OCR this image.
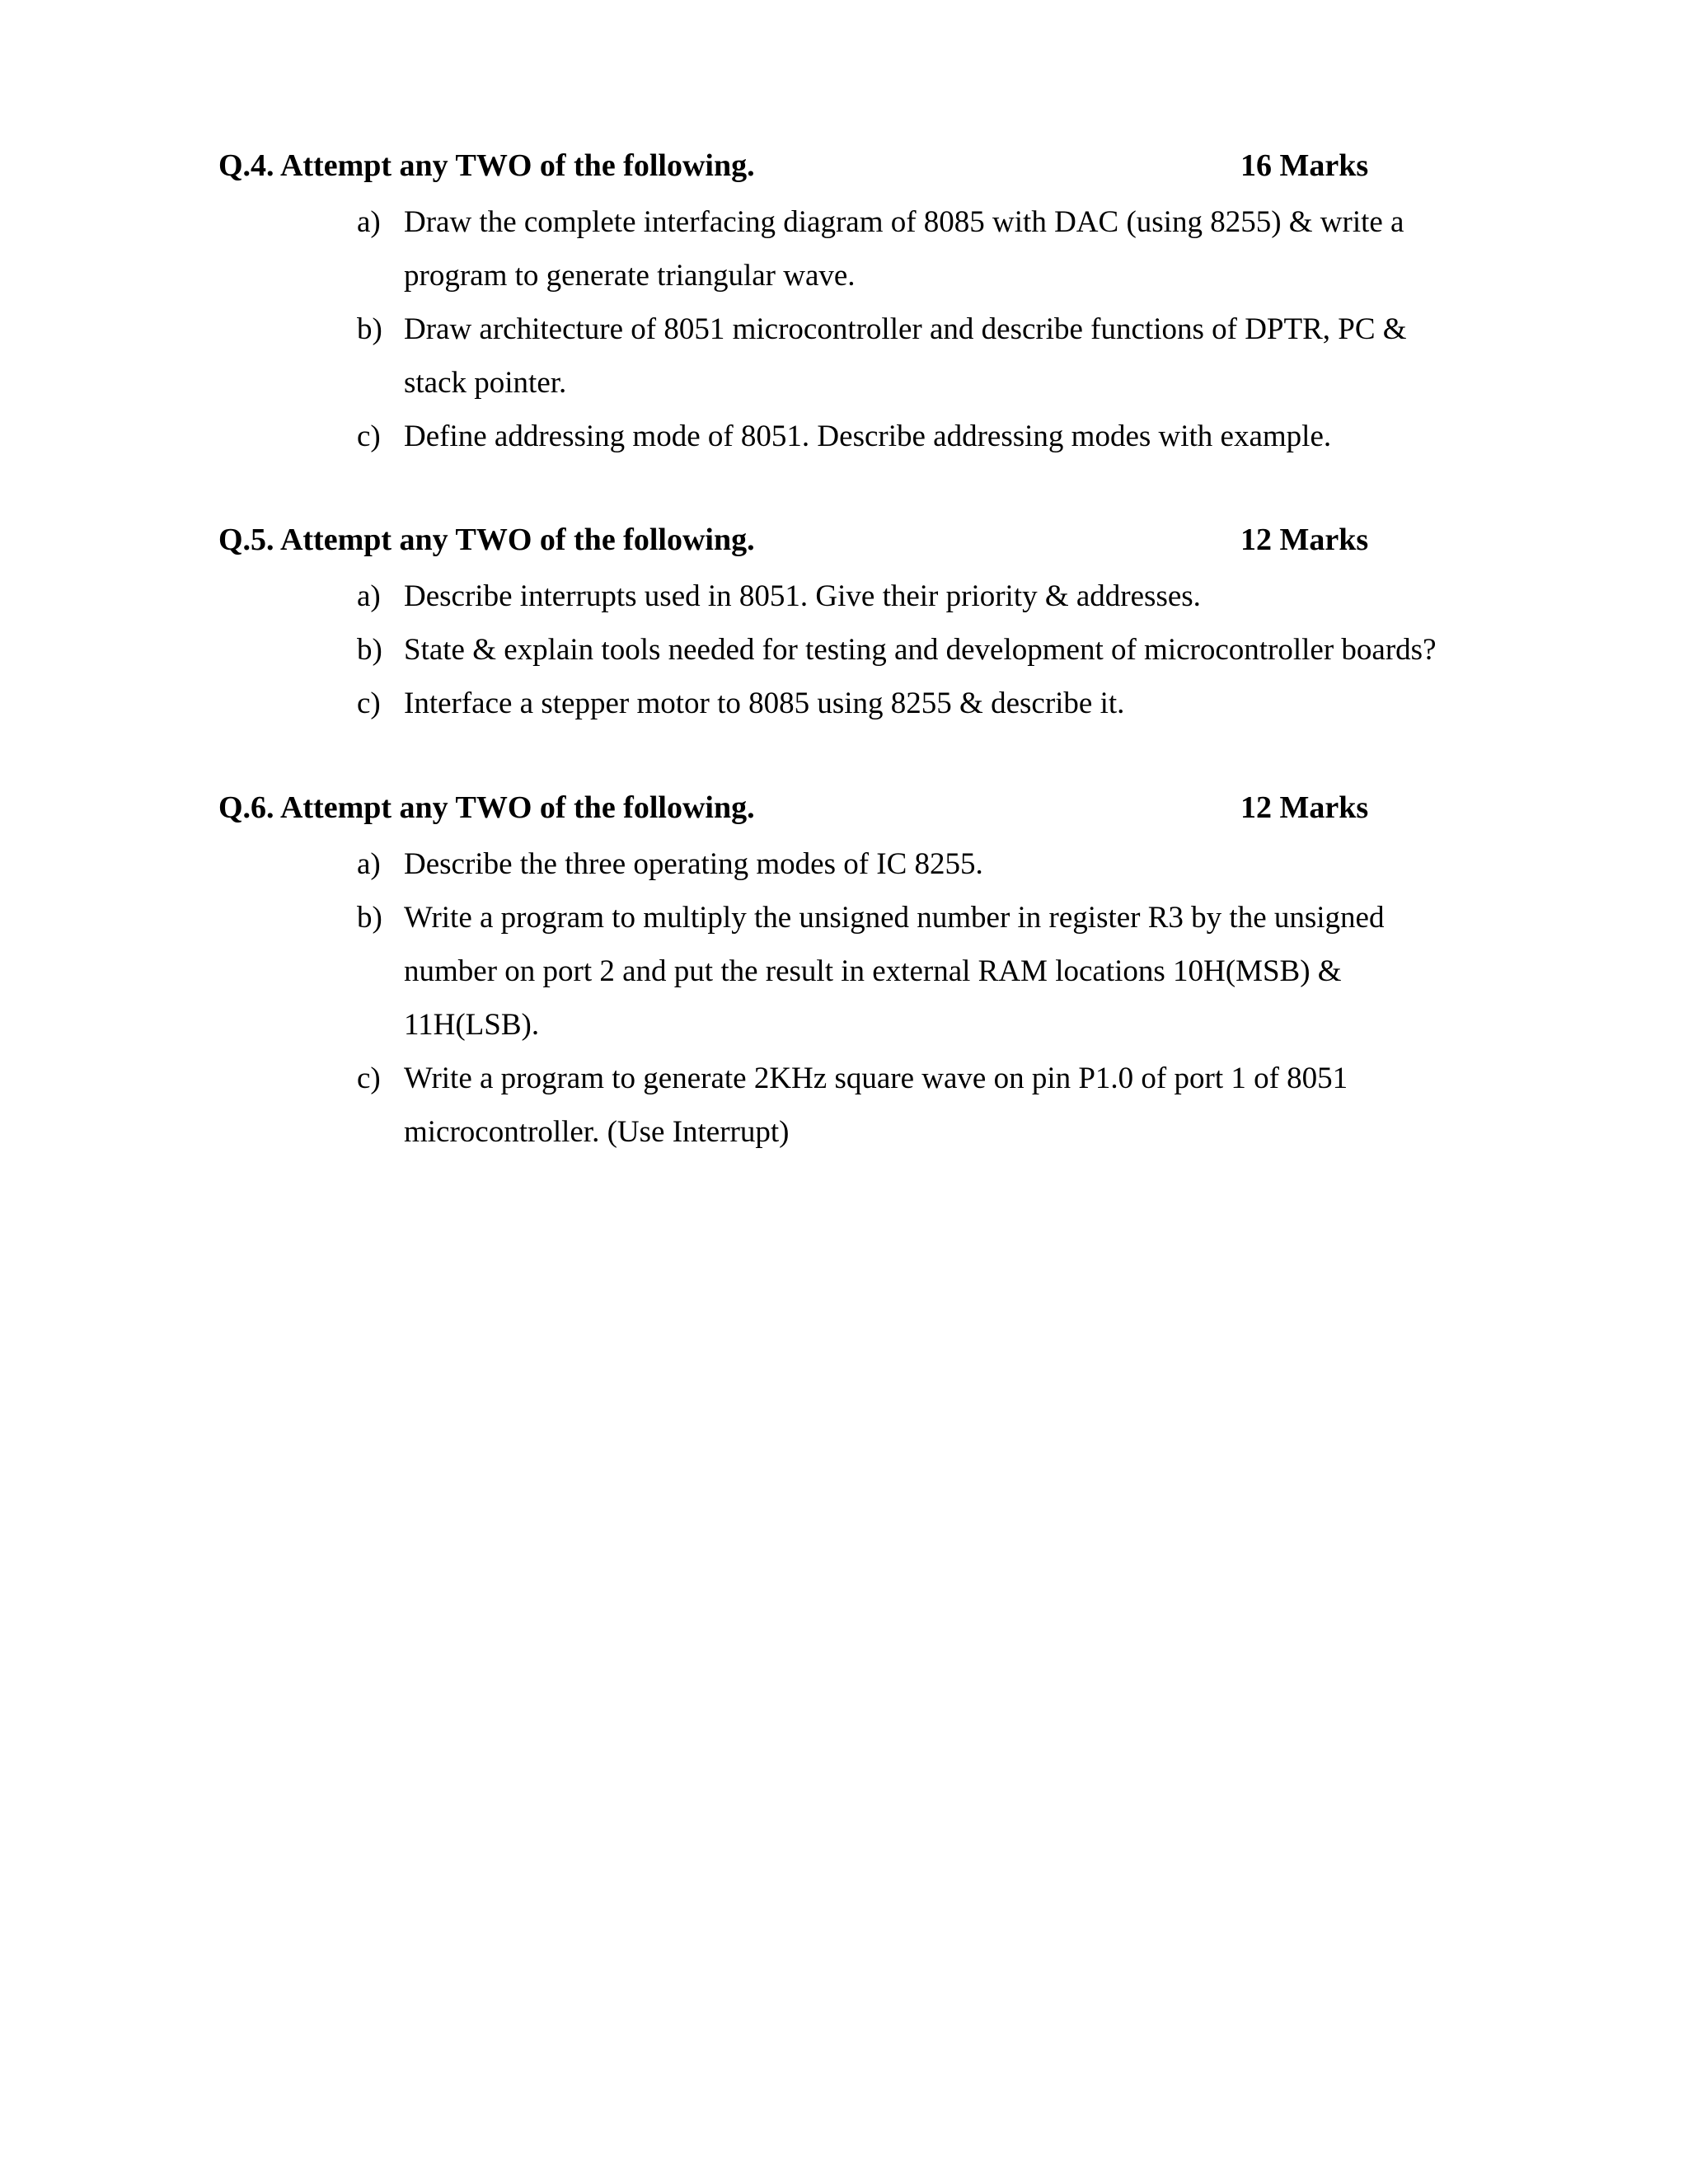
Q.4. Attempt any TWO of the following.	16 Marks
a) Draw the complete interfacing diagram of 8085 with DAC (using 8255) & write a program to generate triangular wave.
b) Draw architecture of 8051 microcontroller and describe functions of DPTR, PC & stack pointer.
c) Define addressing mode of 8051. Describe addressing modes with example.
Q.5. Attempt any TWO of the following.	12 Marks
a) Describe interrupts used in 8051. Give their priority & addresses.
b) State & explain tools needed for testing and development of microcontroller boards?
c) Interface a stepper motor to 8085 using 8255 & describe it.
Q.6. Attempt any TWO of the following.	12 Marks
a) Describe the three operating modes of IC 8255.
b) Write a program to multiply the unsigned number in register R3 by the unsigned number on port 2 and put the result in external RAM locations 10H(MSB) & 11H(LSB).
c) Write a program to generate 2KHz square wave on pin P1.0 of port 1 of 8051 microcontroller. (Use Interrupt)
